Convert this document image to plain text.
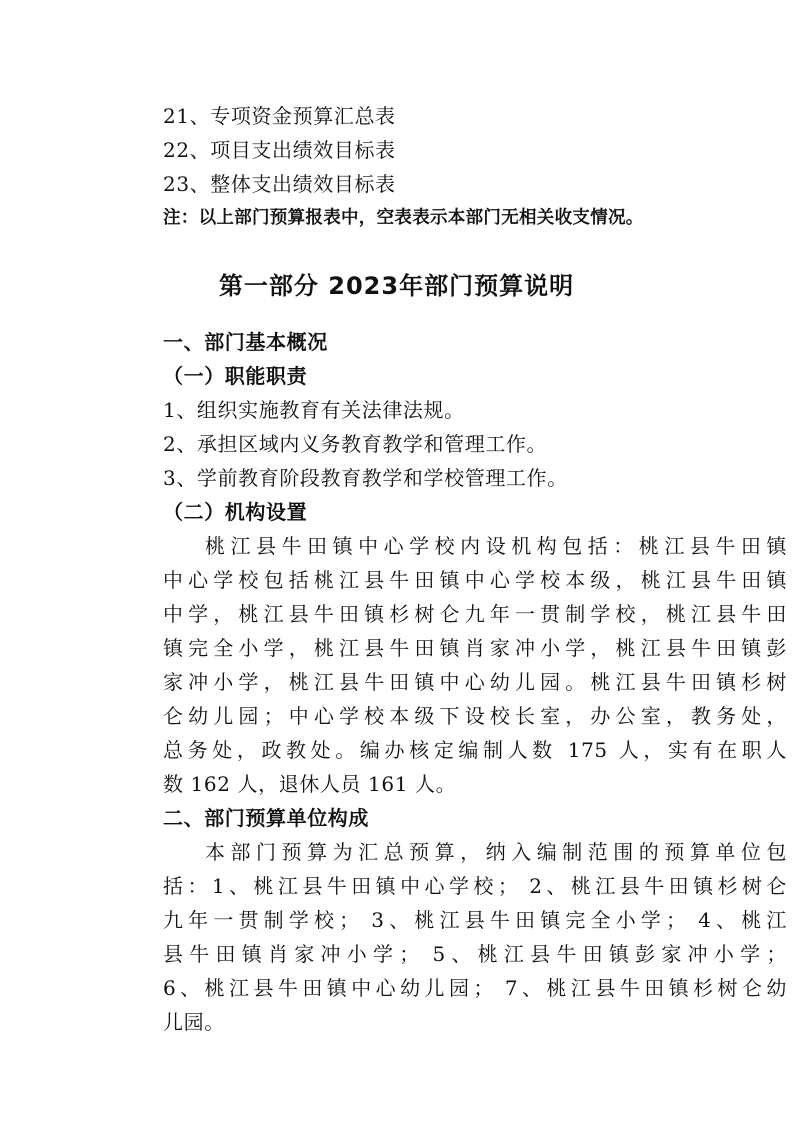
21、专项资金预算汇总表
22、项目支出绩效目标表
23、整体支出绩效目标表
注：以上部门预算报表中，空表表示本部门无相关收支情况。
第一部分 2023年部门预算说明
一、部门基本概况
（一）职能职责
1、组织实施教育有关法律法规。
2、承担区域内义务教育教学和管理工作。
3、学前教育阶段教育教学和学校管理工作。
（二）机构设置
桃江县牛田镇中心学校内设机构包括：桃江县牛田镇
中心学校包括桃江县牛田镇中心学校本级，桃江县牛田镇
中学，桃江县牛田镇杉树仑九年一贯制学校，桃江县牛田
镇完全小学，桃江县牛田镇肖家冲小学，桃江县牛田镇彭
家冲小学，桃江县牛田镇中心幼儿园。桃江县牛田镇杉树
仑幼儿园；中心学校本级下设校长室，办公室，教务处，
总务处，政教处。编办核定编制人数 175 人，实有在职人
数 162 人，退休人员 161 人。
二、部门预算单位构成
本部门预算为汇总预算，纳入编制范围的预算单位包
括：1、桃江县牛田镇中心学校； 2、桃江县牛田镇杉树仑
九年一贯制学校； 3、桃江县牛田镇完全小学； 4、桃江
县牛田镇肖家冲小学； 5、桃江县牛田镇彭家冲小学；
6、桃江县牛田镇中心幼儿园； 7、桃江县牛田镇杉树仑幼
儿园。
